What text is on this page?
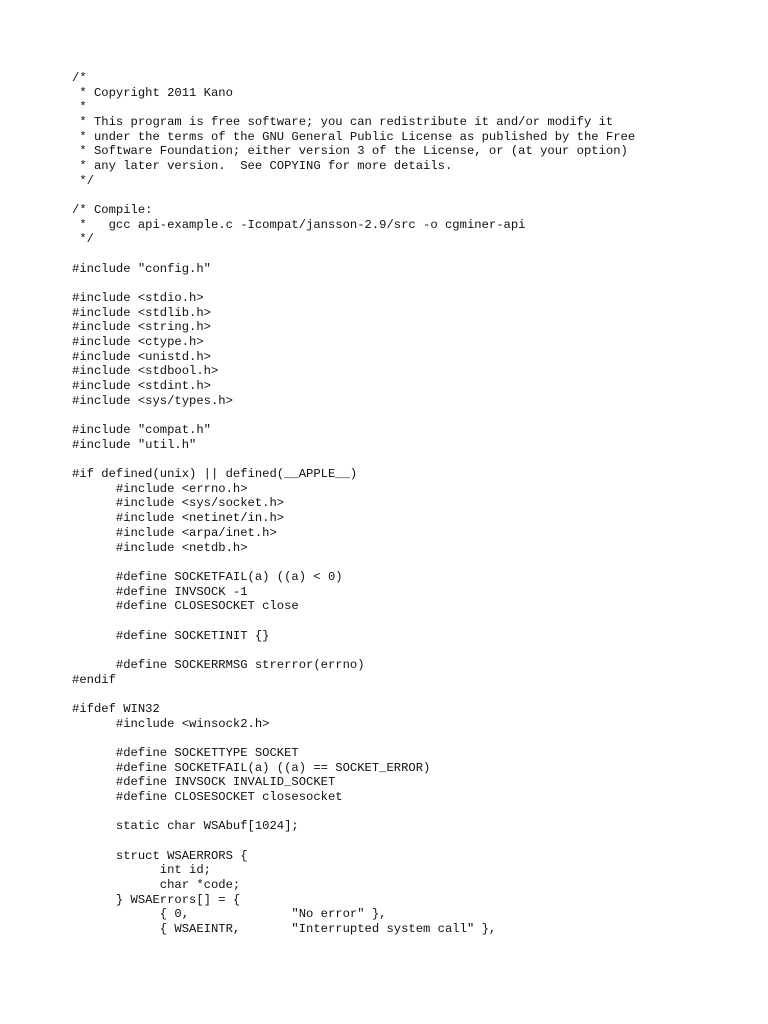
/*
* Copyright 2011 Kano
*
* This program is free software; you can redistribute it and/or modify it
* under the terms of the GNU General Public License as published by the Free
* Software Foundation; either version 3 of the License, or (at your option)
* any later version.  See COPYING for more details.
*/
/* Compile:
*   gcc api-example.c -Icompat/jansson-2.9/src -o cgminer-api
*/
#include "config.h"
#include <stdio.h>
#include <stdlib.h>
#include <string.h>
#include <ctype.h>
#include <unistd.h>
#include <stdbool.h>
#include <stdint.h>
#include <sys/types.h>
#include "compat.h"
#include "util.h"
#if defined(unix) || defined(__APPLE__)
#include <errno.h>
#include <sys/socket.h>
#include <netinet/in.h>
#include <arpa/inet.h>
#include <netdb.h>
#define SOCKETFAIL(a) ((a) < 0)
#define INVSOCK -1
#define CLOSESOCKET close
#define SOCKETINIT {}
#define SOCKERRMSG strerror(errno)
#endif
#ifdef WIN32
#include <winsock2.h>
#define SOCKETTYPE SOCKET
#define SOCKETFAIL(a) ((a) == SOCKET_ERROR)
#define INVSOCK INVALID_SOCKET
#define CLOSESOCKET closesocket
static char WSAbuf[1024];
struct WSAERRORS {
int id;
char *code;
} WSAErrors[] = {
{ 0,              "No error" },
{ WSAEINTR,       "Interrupted system call" },
